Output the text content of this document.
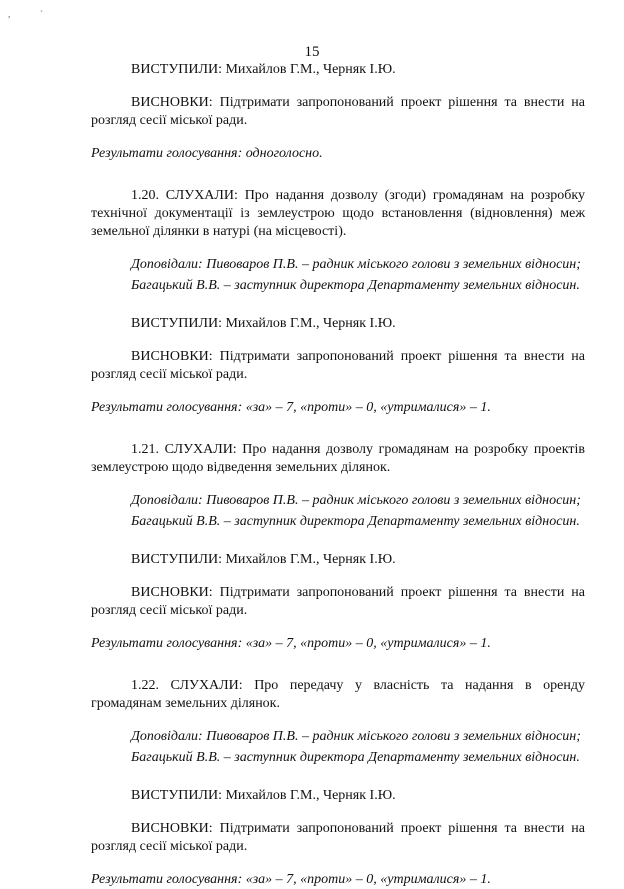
,	`
15

ВИСТУПИЛИ: Михайлов Г.М., Черняк І.Ю.

ВИСНОВКИ: Підтримати запропонований проект рішення та внести на розгляд сесії міської ради.

Результати голосування: одноголосно.

1.20. СЛУХАЛИ: Про надання дозволу (згоди) громадянам на розробку технічної документації із землеустрою щодо встановлення (відновлення) меж земельної ділянки в натурі (на місцевості).

Доповідали: Пивоваров П.В. – радник міського голови з земельних відносин;

Багацький В.В. – заступник директора Департаменту земельних відносин.

ВИСТУПИЛИ: Михайлов Г.М., Черняк І.Ю.

ВИСНОВКИ: Підтримати запропонований проект рішення та внести на розгляд сесії міської ради.

Результати голосування: «за» – 7, «проти» – 0, «утрималися» – 1.

1.21. СЛУХАЛИ: Про надання дозволу громадянам на розробку проектів землеустрою щодо відведення земельних ділянок.

Доповідали: Пивоваров П.В. – радник міського голови з земельних відносин;

Багацький В.В. – заступник директора Департаменту земельних відносин.

ВИСТУПИЛИ: Михайлов Г.М., Черняк І.Ю.

ВИСНОВКИ: Підтримати запропонований проект рішення та внести на розгляд сесії міської ради.

Результати голосування: «за» – 7, «проти» – 0, «утрималися» – 1.

1.22. СЛУХАЛИ: Про передачу у власність та надання в оренду громадянам земельних ділянок.

Доповідали: Пивоваров П.В. – радник міського голови з земельних відносин;

Багацький В.В. – заступник директора Департаменту земельних відносин.

ВИСТУПИЛИ: Михайлов Г.М., Черняк І.Ю.

ВИСНОВКИ: Підтримати запропонований проект рішення та внести на розгляд сесії міської ради.

Результати голосування: «за» – 7, «проти» – 0, «утрималися» – 1.
